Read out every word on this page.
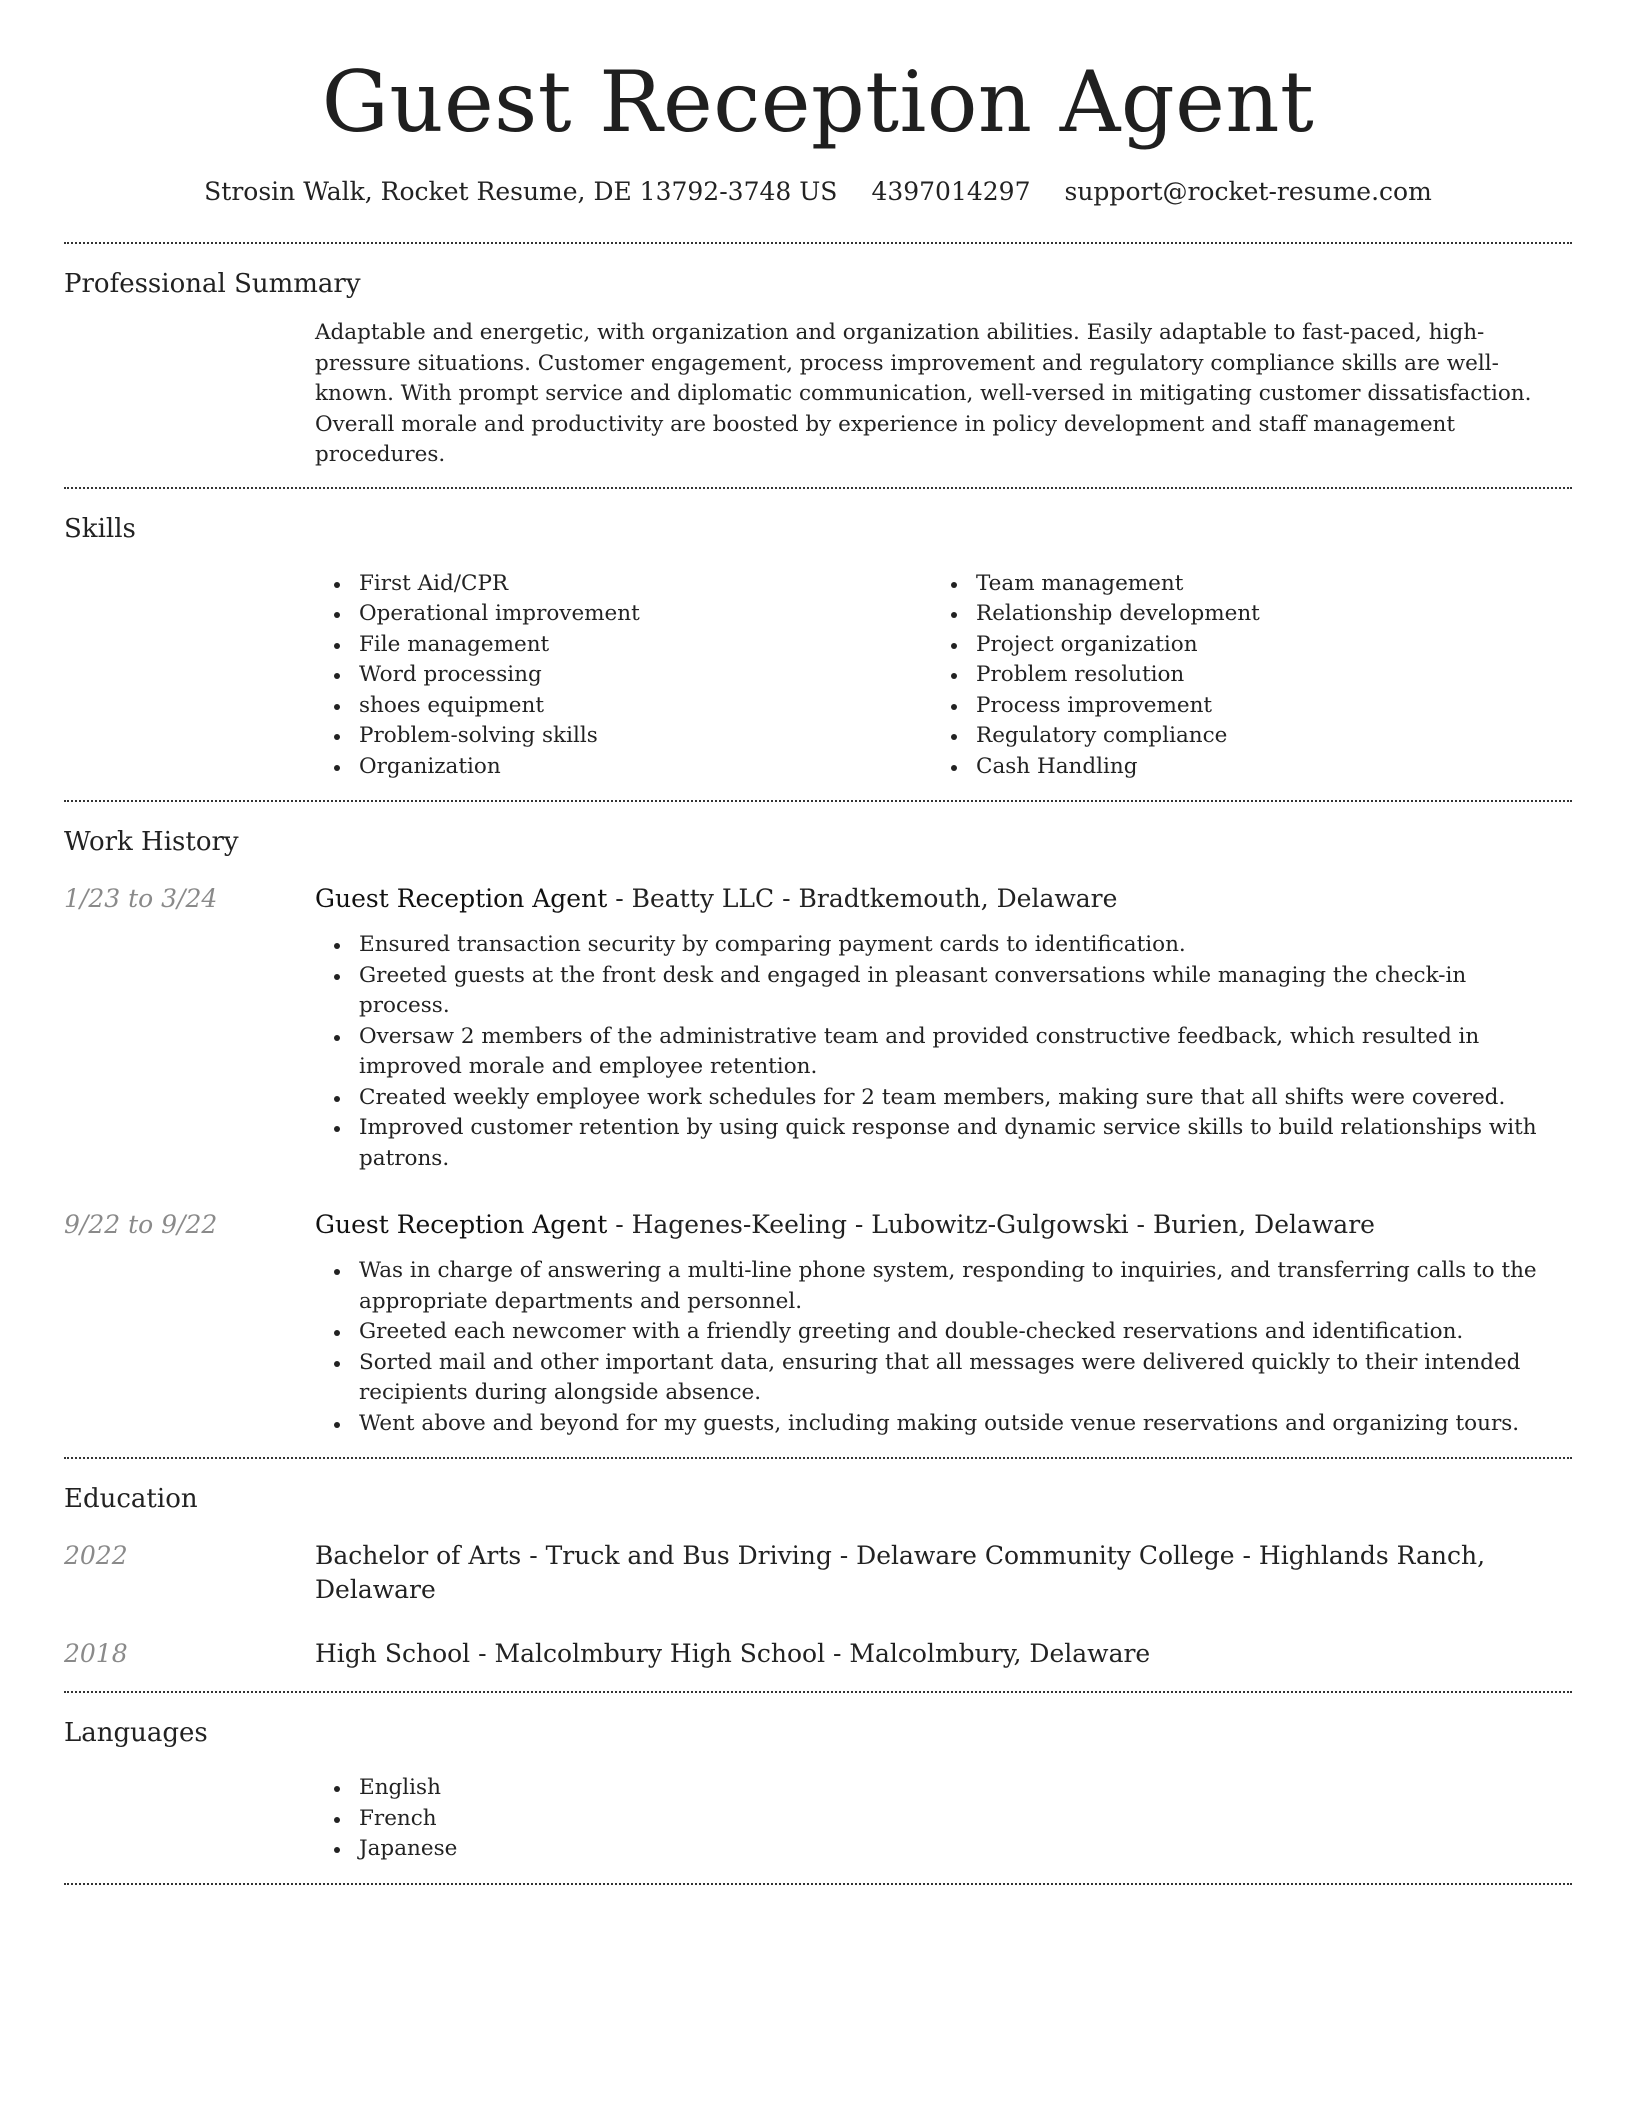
Guest Reception Agent
Strosin Walk, Rocket Resume, DE 13792-3748 US 4397014297 support@rocket-resume.com
Professional Summary

Adaptable and energetic, with organization and organization abilities. Easily adaptable to fast-paced, high-pressure situations. Customer engagement, process improvement and regulatory compliance skills are well-known. With prompt service and diplomatic communication, well-versed in mitigating customer dissatisfaction. Overall morale and productivity are boosted by experience in policy development and staff management procedures.

Skills
First Aid/CPR
Operational improvement
File management
Word processing
shoes equipment
Problem-solving skills
Organization
Team management
Relationship development
Project organization
Problem resolution
Process improvement
Regulatory compliance
Cash Handling
Work History
1/23 to 3/24	Guest Reception Agent - Beatty LLC - Bradtkemouth, Delaware
Ensured transaction security by comparing payment cards to identification.
Greeted guests at the front desk and engaged in pleasant conversations while managing the check-in process.
Oversaw 2 members of the administrative team and provided constructive feedback, which resulted in improved morale and employee retention.
Created weekly employee work schedules for 2 team members, making sure that all shifts were covered.
Improved customer retention by using quick response and dynamic service skills to build relationships with patrons.
9/22 to 9/22	Guest Reception Agent - Hagenes-Keeling - Lubowitz-Gulgowski - Burien, Delaware
Was in charge of answering a multi-line phone system, responding to inquiries, and transferring calls to the appropriate departments and personnel.
Greeted each newcomer with a friendly greeting and double-checked reservations and identification.
Sorted mail and other important data, ensuring that all messages were delivered quickly to their intended recipients during alongside absence.
Went above and beyond for my guests, including making outside venue reservations and organizing tours.
Education
2022	Bachelor of Arts - Truck and Bus Driving - Delaware Community College - Highlands Ranch, Delaware
2018	High School - Malcolmbury High School - Malcolmbury, Delaware
Languages
English
French
Japanese
